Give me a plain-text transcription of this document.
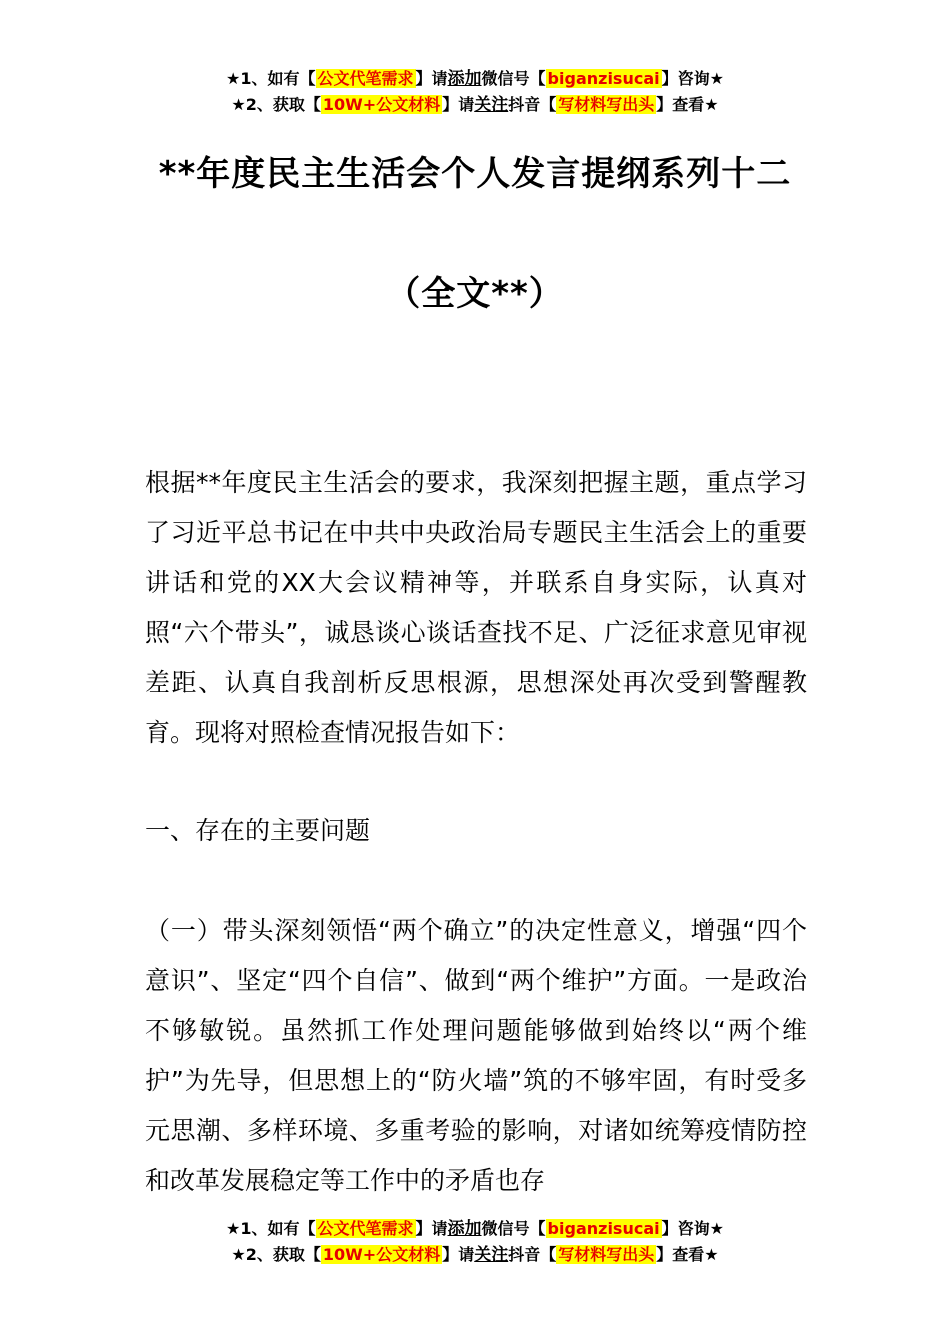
★1、如有【 公文代笔需求 】请添加微信号【 biganzisucai 】咨询★
★2、获取【 10W+公文材料 】请关注抖音【 写材料写出头 】查看★
**年度民主生活会个人发言提纲系列十二
（全文**）

根据**年度民主生活会的要求，我深刻把握主题，重点学习了习近平总书记在中共中央政治局专题民主生活会上的重要讲话和党的XX大会议精神等，并联系自身实际，认真对照“六个带头”，诚恳谈心谈话查找不足、广泛征求意见审视差距、认真自我剖析反思根源，思想深处再次受到警醒教育。现将对照检查情况报告如下：

一、存在的主要问题

（一）带头深刻领悟“两个确立”的决定性意义，增强“四个意识”、坚定“四个自信”、做到“两个维护”方面。一是政治不够敏锐。虽然抓工作处理问题能够做到始终以“两个维护”为先导，但思想上的“防火墙”筑的不够牢固，有时受多元思潮、多样环境、多重考验的影响，对诸如统筹疫情防控和改革发展稳定等工作中的矛盾也存

★1、如有【 公文代笔需求 】请添加微信号【 biganzisucai 】咨询★
★2、获取【 10W+公文材料 】请关注抖音【 写材料写出头 】查看★
